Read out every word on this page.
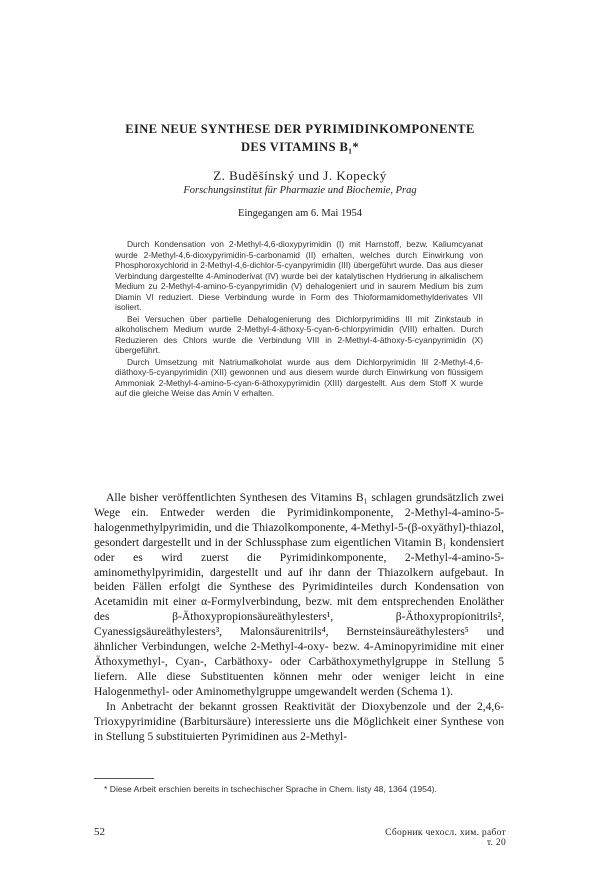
EINE NEUE SYNTHESE DER PYRIMIDINKOMPONENTE
DES VITAMINS B₁*
Z. Buděšínský und J. Kopecký
Forschungsinstitut für Pharmazie und Biochemie, Prag
Eingegangen am 6. Mai 1954

Durch Kondensation von 2-Methyl-4,6-dioxypyrimidin (I) mit Harnstoff, bezw. Kaliumcyanat wurde 2-Methyl-4,6-dioxypyrimidin-5-carbonamid (II) erhalten, welches durch Einwirkung von Phosphoroxychlorid in 2-Methyl-4,6-dichlor-5-cyanpyrimidin (III) übergeführt wurde. Das aus dieser Verbindung dargestellte 4-Aminoderivat (IV) wurde bei der katalytischen Hydrierung in alkalischem Medium zu 2-Methyl-4-amino-5-cyanpyrimidin (V) dehalogeniert und in saurem Medium bis zum Diamin VI reduziert. Diese Verbindung wurde in Form des Thioformamidomethylderivates VII isoliert.

Bei Versuchen über partielle Dehalogenierung des Dichlorpyrimidins III mit Zinkstaub in alkoholischem Medium wurde 2-Methyl-4-äthoxy-5-cyan-6-chlorpyrimidin (VIII) erhalten. Durch Reduzieren des Chlors wurde die Verbindung VIII in 2-Methyl-4-äthoxy-5-cyanpyrimidin (X) übergeführt.

Durch Umsetzung mit Natriumalkoholat wurde aus dem Dichlorpyrimidin III 2-Methyl-4,6-diäthoxy-5-cyanpyrimidin (XII) gewonnen und aus diesem wurde durch Einwirkung von flüssigem Ammoniak 2-Methyl-4-amino-5-cyan-6-äthoxypyrimidin (XIII) dargestellt. Aus dem Stoff X wurde auf die gleiche Weise das Amin V erhalten.

Alle bisher veröffentlichten Synthesen des Vitamins B₁ schlagen grundsätzlich zwei Wege ein. Entweder werden die Pyrimidinkomponente, 2-Methyl-4-amino-5-halogenmethylpyrimidin, und die Thiazolkomponente, 4-Methyl-5-(β-oxyäthyl)-thiazol, gesondert dargestellt und in der Schlussphase zum eigentlichen Vitamin B₁ kondensiert oder es wird zuerst die Pyrimidinkomponente, 2-Methyl-4-amino-5-aminomethylpyrimidin, dargestellt und auf ihr dann der Thiazolkern aufgebaut. In beiden Fällen erfolgt die Synthese des Pyrimidinteiles durch Kondensation von Acetamidin mit einer α-Formylverbindung, bezw. mit dem entsprechenden Enoläther des β-Äthoxypropionsäureäthylesters¹, β-Äthoxypropionitrils², Cyanessigsäureäthylesters³, Malonsäurenitrils⁴, Bernsteinsäureäthylesters⁵ und ähnlicher Verbindungen, welche 2-Methyl-4-oxy- bezw. 4-Aminopyrimidine mit einer Äthoxymethyl-, Cyan-, Carbäthoxy- oder Carbäthoxymethylgruppe in Stellung 5 liefern. Alle diese Substituenten können mehr oder weniger leicht in eine Halogenmethyl- oder Aminomethylgruppe umgewandelt werden (Schema 1).

In Anbetracht der bekannt grossen Reaktivität der Dioxybenzole und der 2,4,6-Trioxypyrimidine (Barbitursäure) interessierte uns die Möglichkeit einer Synthese von in Stellung 5 substituierten Pyrimidinen aus 2-Methyl-

* Diese Arbeit erschien bereits in tschechischer Sprache in Chem. listy 48, 1364 (1954).
52	Сборник чехосл. хим. работ т. 20
